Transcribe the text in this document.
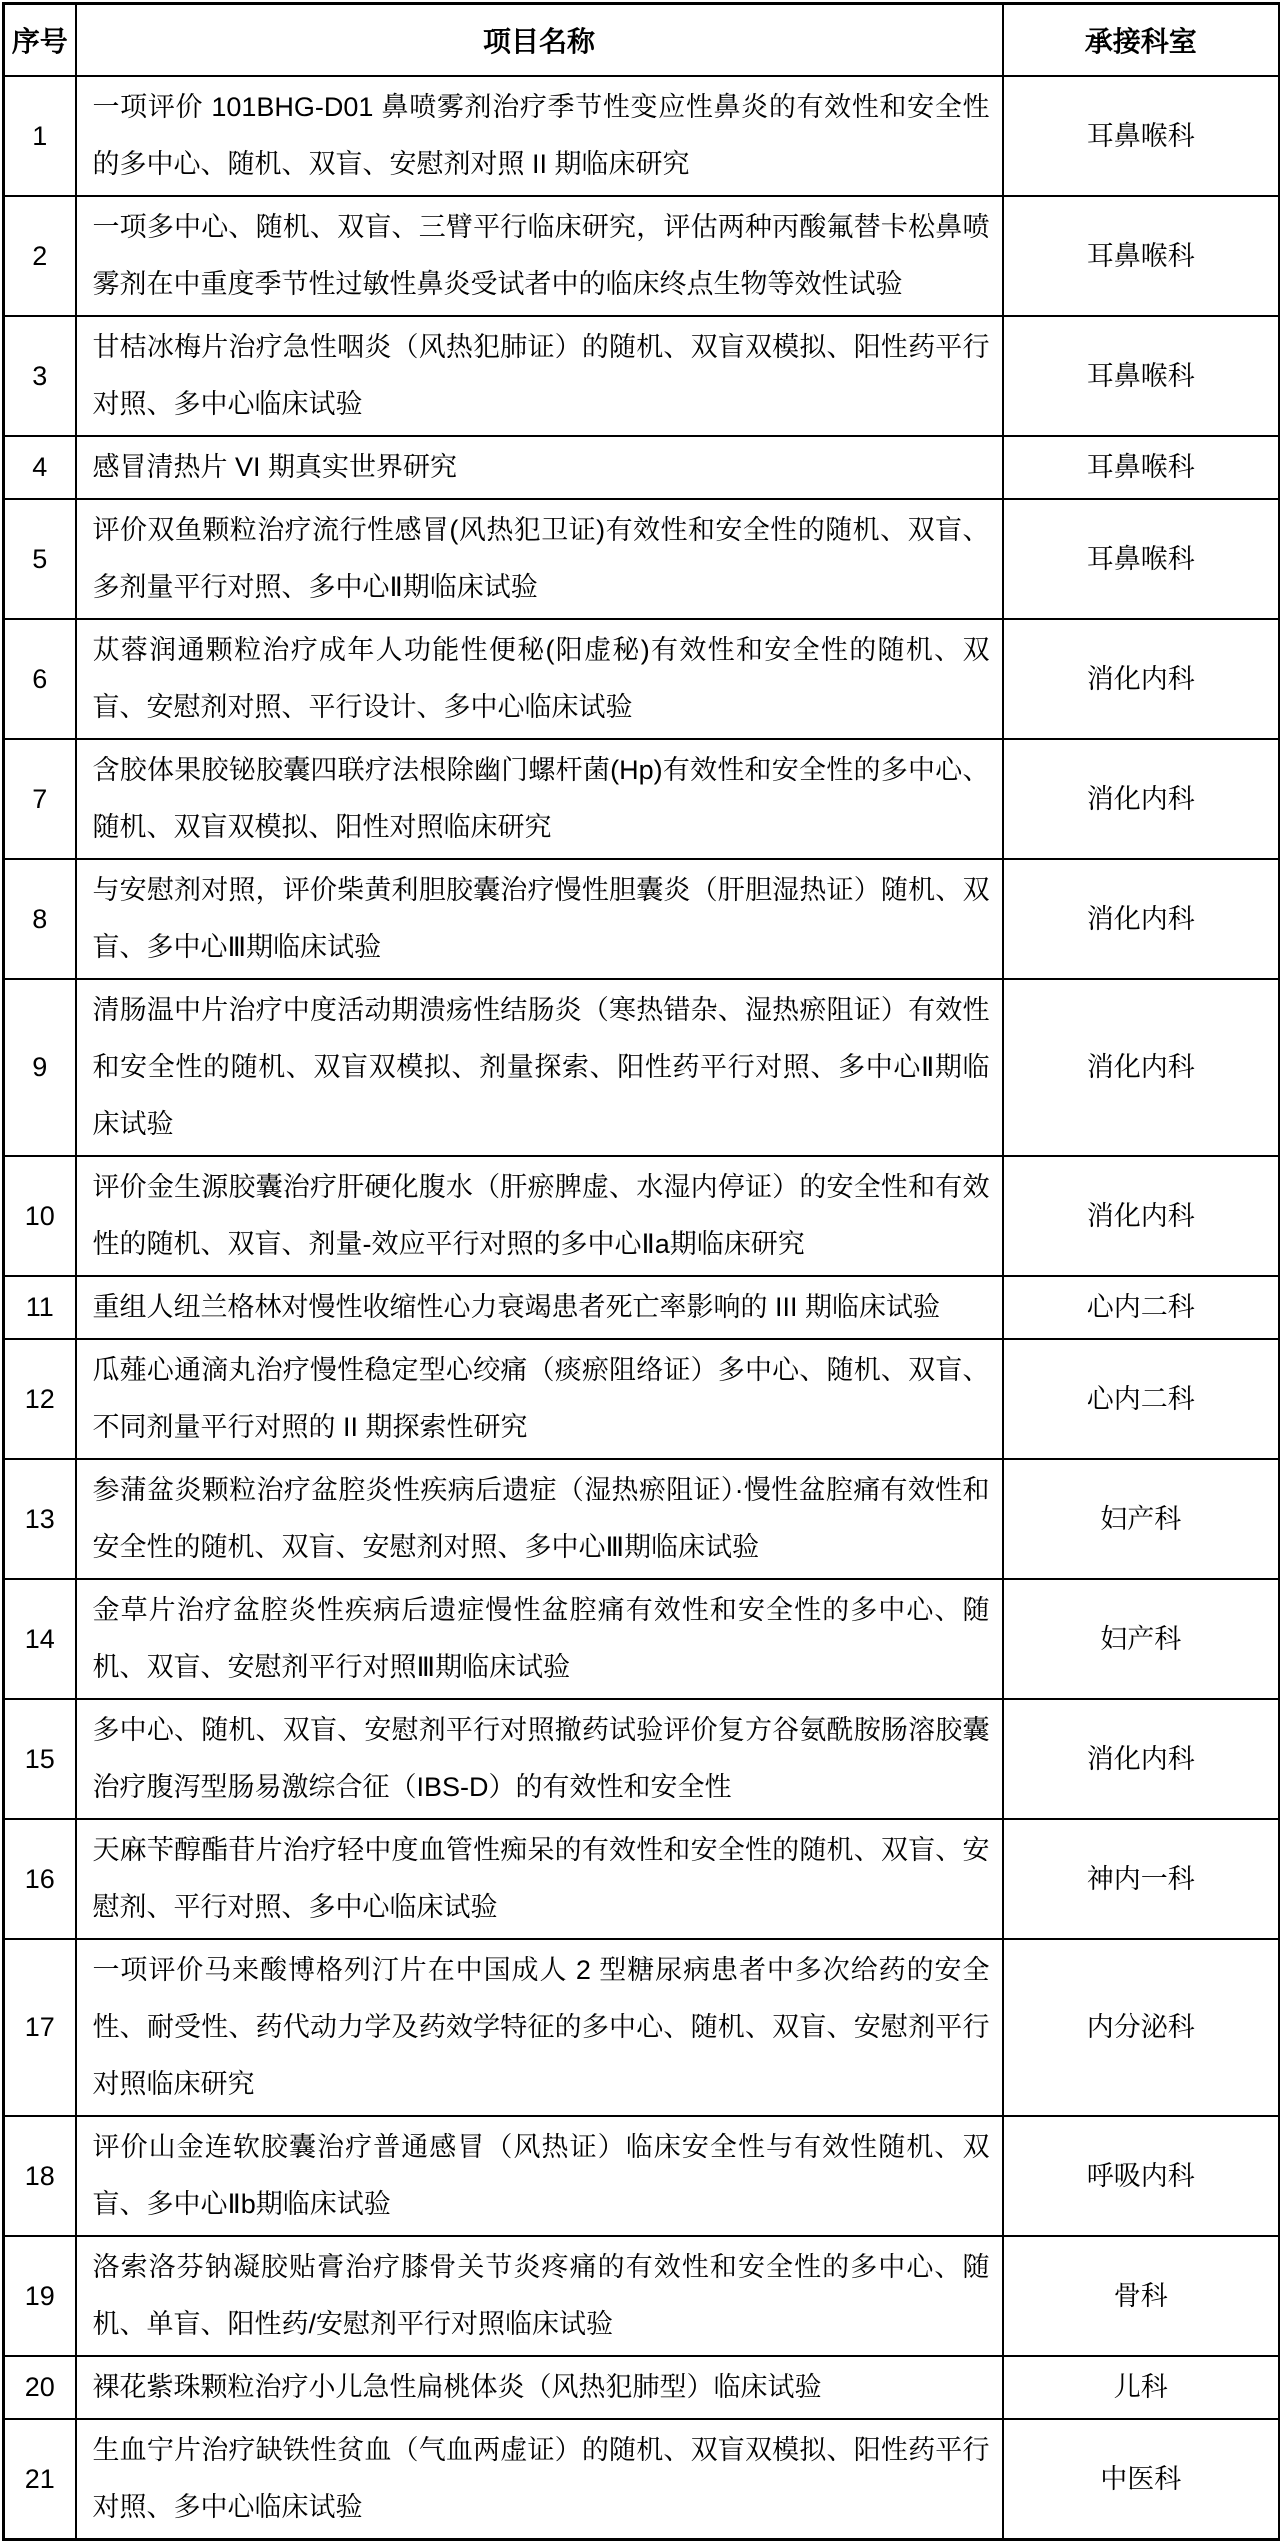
序号	项目名称	承接科室
1	一项评价 101BHG-D01 鼻喷雾剂治疗季节性变应性鼻炎的有效性和安全性的多中心、随机、双盲、安慰剂对照 II 期临床研究	耳鼻喉科
2	一项多中心、随机、双盲、三臂平行临床研究，评估两种丙酸氟替卡松鼻喷雾剂在中重度季节性过敏性鼻炎受试者中的临床终点生物等效性试验	耳鼻喉科
3	甘桔冰梅片治疗急性咽炎（风热犯肺证）的随机、双盲双模拟、阳性药平行对照、多中心临床试验	耳鼻喉科
4	感冒清热片 VI 期真实世界研究	耳鼻喉科
5	评价双鱼颗粒治疗流行性感冒(风热犯卫证)有效性和安全性的随机、双盲、多剂量平行对照、多中心Ⅱ期临床试验	耳鼻喉科
6	苁蓉润通颗粒治疗成年人功能性便秘(阳虚秘)有效性和安全性的随机、双盲、安慰剂对照、平行设计、多中心临床试验	消化内科
7	含胶体果胶铋胶囊四联疗法根除幽门螺杆菌(Hp)有效性和安全性的多中心、随机、双盲双模拟、阳性对照临床研究	消化内科
8	与安慰剂对照，评价柴黄利胆胶囊治疗慢性胆囊炎（肝胆湿热证）随机、双盲、多中心Ⅲ期临床试验	消化内科
9	清肠温中片治疗中度活动期溃疡性结肠炎（寒热错杂、湿热瘀阻证）有效性和安全性的随机、双盲双模拟、剂量探索、阳性药平行对照、多中心Ⅱ期临床试验	消化内科
10	评价金生源胶囊治疗肝硬化腹水（肝瘀脾虚、水湿内停证）的安全性和有效性的随机、双盲、剂量-效应平行对照的多中心Ⅱa期临床研究	消化内科
11	重组人纽兰格林对慢性收缩性心力衰竭患者死亡率影响的 III 期临床试验	心内二科
12	瓜薤心通滴丸治疗慢性稳定型心绞痛（痰瘀阻络证）多中心、随机、双盲、不同剂量平行对照的 II 期探索性研究	心内二科
13	参蒲盆炎颗粒治疗盆腔炎性疾病后遗症（湿热瘀阻证）·慢性盆腔痛有效性和安全性的随机、双盲、安慰剂对照、多中心Ⅲ期临床试验	妇产科
14	金草片治疗盆腔炎性疾病后遗症慢性盆腔痛有效性和安全性的多中心、随机、双盲、安慰剂平行对照Ⅲ期临床试验	妇产科
15	多中心、随机、双盲、安慰剂平行对照撤药试验评价复方谷氨酰胺肠溶胶囊治疗腹泻型肠易激综合征（IBS-D）的有效性和安全性	消化内科
16	天麻苄醇酯苷片治疗轻中度血管性痴呆的有效性和安全性的随机、双盲、安慰剂、平行对照、多中心临床试验	神内一科
17	一项评价马来酸博格列汀片在中国成人 2 型糖尿病患者中多次给药的安全性、耐受性、药代动力学及药效学特征的多中心、随机、双盲、安慰剂平行对照临床研究	内分泌科
18	评价山金连软胶囊治疗普通感冒（风热证）临床安全性与有效性随机、双盲、多中心Ⅱb期临床试验	呼吸内科
19	洛索洛芬钠凝胶贴膏治疗膝骨关节炎疼痛的有效性和安全性的多中心、随机、单盲、阳性药/安慰剂平行对照临床试验	骨科
20	裸花紫珠颗粒治疗小儿急性扁桃体炎（风热犯肺型）临床试验	儿科
21	生血宁片治疗缺铁性贫血（气血两虚证）的随机、双盲双模拟、阳性药平行对照、多中心临床试验	中医科
